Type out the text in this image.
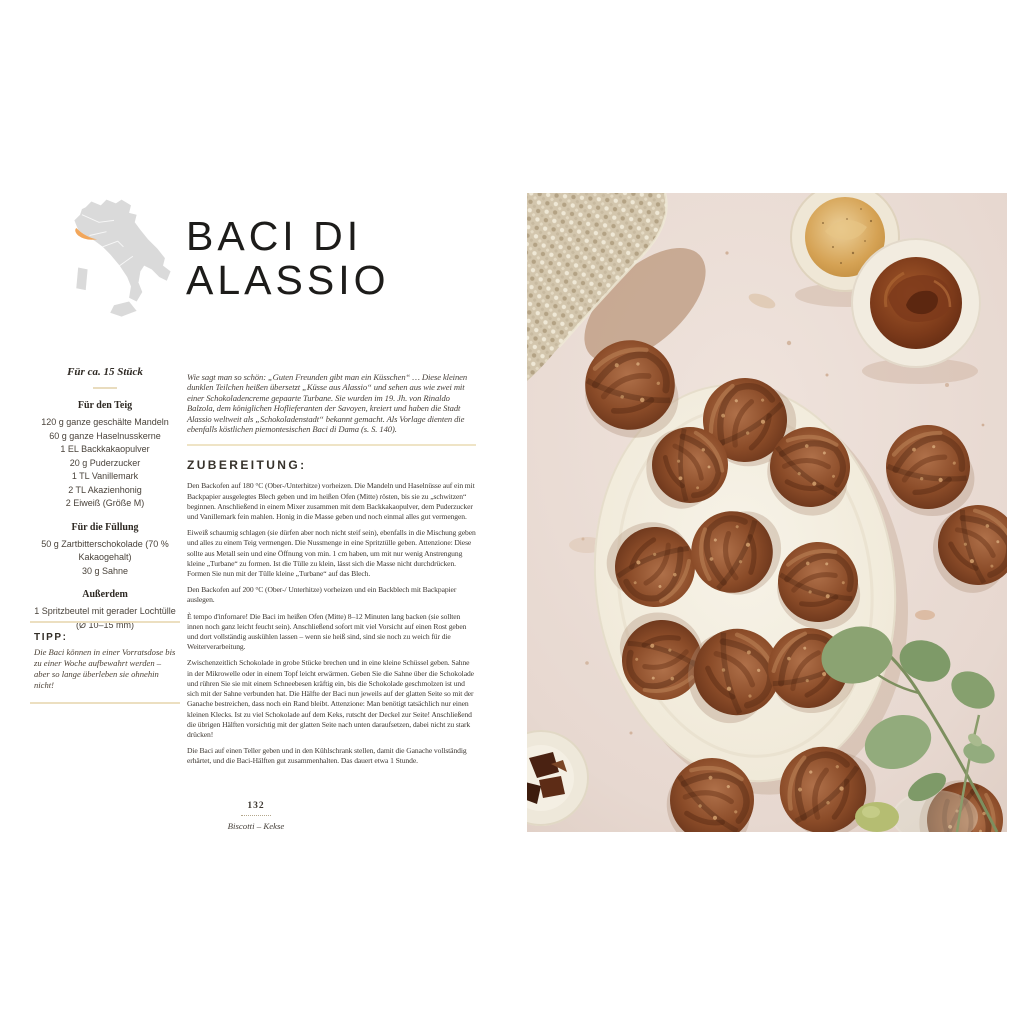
BACI DI
ALASSIO
Für ca. 15 Stück
Für den Teig
120 g ganze geschälte Mandeln
60 g ganze Haselnusskerne
1 EL Backkakaopulver
20 g Puderzucker
1 TL Vanillemark
2 TL Akazienhonig
2 Eiweiß (Größe M)
Für die Füllung
50 g Zartbitterschokolade (70 % Kakaogehalt)
30 g Sahne
Außerdem
1 Spritzbeutel mit gerader Lochtülle (Ø 10–15 mm)
TIPP:
Die Baci können in einer Vorratsdose bis zu einer Woche aufbewahrt werden – aber so lange überleben sie ohnehin nicht!
Wie sagt man so schön: „Guten Freunden gibt man ein Küsschen“ … Diese kleinen dunklen Teilchen heißen übersetzt „Küsse aus Alassio“ und sehen aus wie zwei mit einer Schokoladencreme gepaarte Turbane. Sie wurden im 19. Jh. von Rinaldo Balzola, dem königlichen Hoflieferanten der Savoyen, kreiert und haben die Stadt Alassio weltweit als „Schokoladenstadt“ bekannt gemacht. Als Vorlage dienten die ebenfalls köstlichen piemontesischen Baci di Dama (s. S. 140).
ZUBEREITUNG:
Den Backofen auf 180 °C (Ober-/Unterhitze) vorheizen. Die Mandeln und Haselnüsse auf ein mit Backpapier ausgelegtes Blech geben und im heißen Ofen (Mitte) rösten, bis sie zu „schwitzen“ beginnen. Anschließend in einem Mixer zusammen mit dem Backkakaopulver, dem Puderzucker und Vanillemark fein mahlen. Honig in die Masse geben und noch einmal alles gut vermengen.
Eiweiß schaumig schlagen (sie dürfen aber noch nicht steif sein), ebenfalls in die Mischung geben und alles zu einem Teig vermengen. Die Nussmenge in eine Spritztülle geben. Attenzione: Diese sollte aus Metall sein und eine Öffnung von min. 1 cm haben, um mit nur wenig Anstrengung kleine „Turbane“ zu formen. Ist die Tülle zu klein, lässt sich die Masse nicht durchdrücken. Formen Sie nun mit der Tülle kleine „Turbane“ auf das Blech.
Den Backofen auf 200 °C (Ober-/ Unterhitze) vorheizen und ein Backblech mit Backpapier auslegen.
È tempo d'infornare! Die Baci im heißen Ofen (Mitte) 8–12 Minuten lang backen (sie sollten innen noch ganz leicht feucht sein). Anschließend sofort mit viel Vorsicht auf einen Rost geben und dort vollständig auskühlen lassen – wenn sie heiß sind, sind sie noch zu weich für die Weiterverarbeitung.
Zwischenzeitlich Schokolade in grobe Stücke brechen und in eine kleine Schüssel geben. Sahne in der Mikrowelle oder in einem Topf leicht erwärmen. Geben Sie die Sahne über die Schokolade und rühren Sie sie mit einem Schneebesen kräftig ein, bis die Schokolade geschmolzen ist und sich mit der Sahne verbunden hat. Die Hälfte der Baci nun jeweils auf der glatten Seite so mit der Ganache bestreichen, dass noch ein Rand bleibt. Attenzione: Man benötigt tatsächlich nur einen kleinen Klecks. Ist zu viel Schokolade auf dem Keks, rutscht der Deckel zur Seite! Anschließend die übrigen Hälften vorsichtig mit der glatten Seite nach unten daraufsetzen, dabei nicht zu stark drücken!
Die Baci auf einen Teller geben und in den Kühlschrank stellen, damit die Ganache vollständig erhärtet, und die Baci-Hälften gut zusammenhalten. Das dauert etwa 1 Stunde.
132
Biscotti – Kekse
